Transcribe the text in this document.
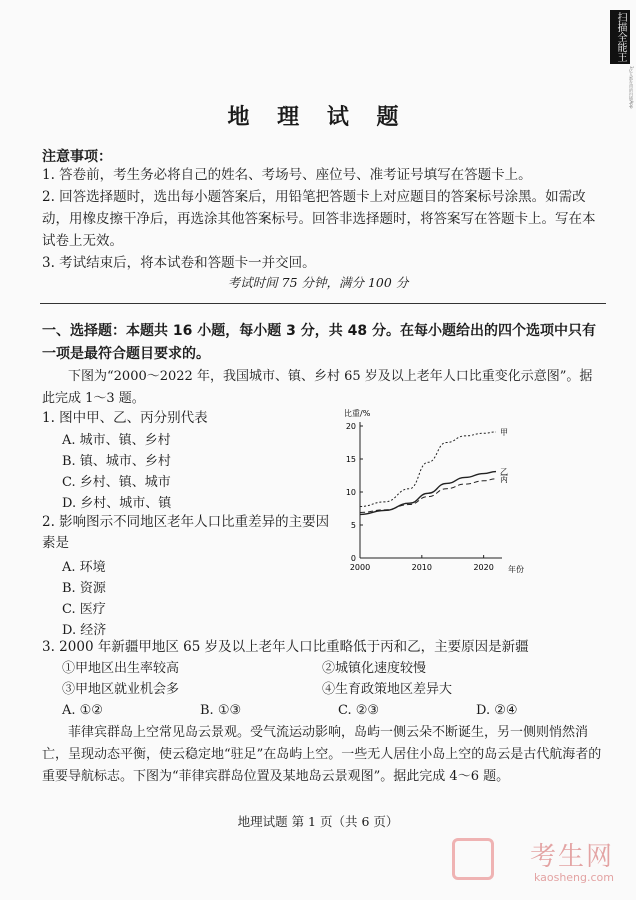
扫描全能王
3亿人都在用的扫描App
地 理 试 题
注意事项：
1. 答卷前，考生务必将自己的姓名、考场号、座位号、准考证号填写在答题卡上。
2. 回答选择题时，选出每小题答案后，用铅笔把答题卡上对应题目的答案标号涂黑。如需改动，用橡皮擦干净后，再选涂其他答案标号。回答非选择题时，将答案写在答题卡上。写在本试卷上无效。
3. 考试结束后，将本试卷和答题卡一并交回。
考试时间 75 分钟，满分 100 分
一、选择题：本题共 16 小题，每小题 3 分，共 48 分。在每小题给出的四个选项中只有一项是最符合题目要求的。
下图为“2000～2022 年，我国城市、镇、乡村 65 岁及以上老年人口比重变化示意图”。据此完成 1～3 题。
1. 图中甲、乙、丙分别代表
A. 城市、镇、乡村
B. 镇、城市、乡村
C. 乡村、镇、城市
D. 乡村、城市、镇
2. 影响图示不同地区老年人口比重差异的主要因素是
A. 环境
B. 资源
C. 医疗
D. 经济
比重/%
年份
0
5
10
15
20
2000	2010	2020
甲
乙
丙
3. 2000 年新疆甲地区 65 岁及以上老年人口比重略低于丙和乙，主要原因是新疆
①甲地区出生率较高	②城镇化速度较慢
③甲地区就业机会多	④生育政策地区差异大
A. ①②	B. ①③	C. ②③	D. ②④
菲律宾群岛上空常见岛云景观。受气流运动影响，岛屿一侧云朵不断诞生，另一侧则悄然消亡，呈现动态平衡，使云稳定地“驻足”在岛屿上空。一些无人居住小岛上空的岛云是古代航海者的重要导航标志。下图为“菲律宾群岛位置及某地岛云景观图”。据此完成 4～6 题。
地理试题 第 1 页（共 6 页）
考生网
kaosheng.com
